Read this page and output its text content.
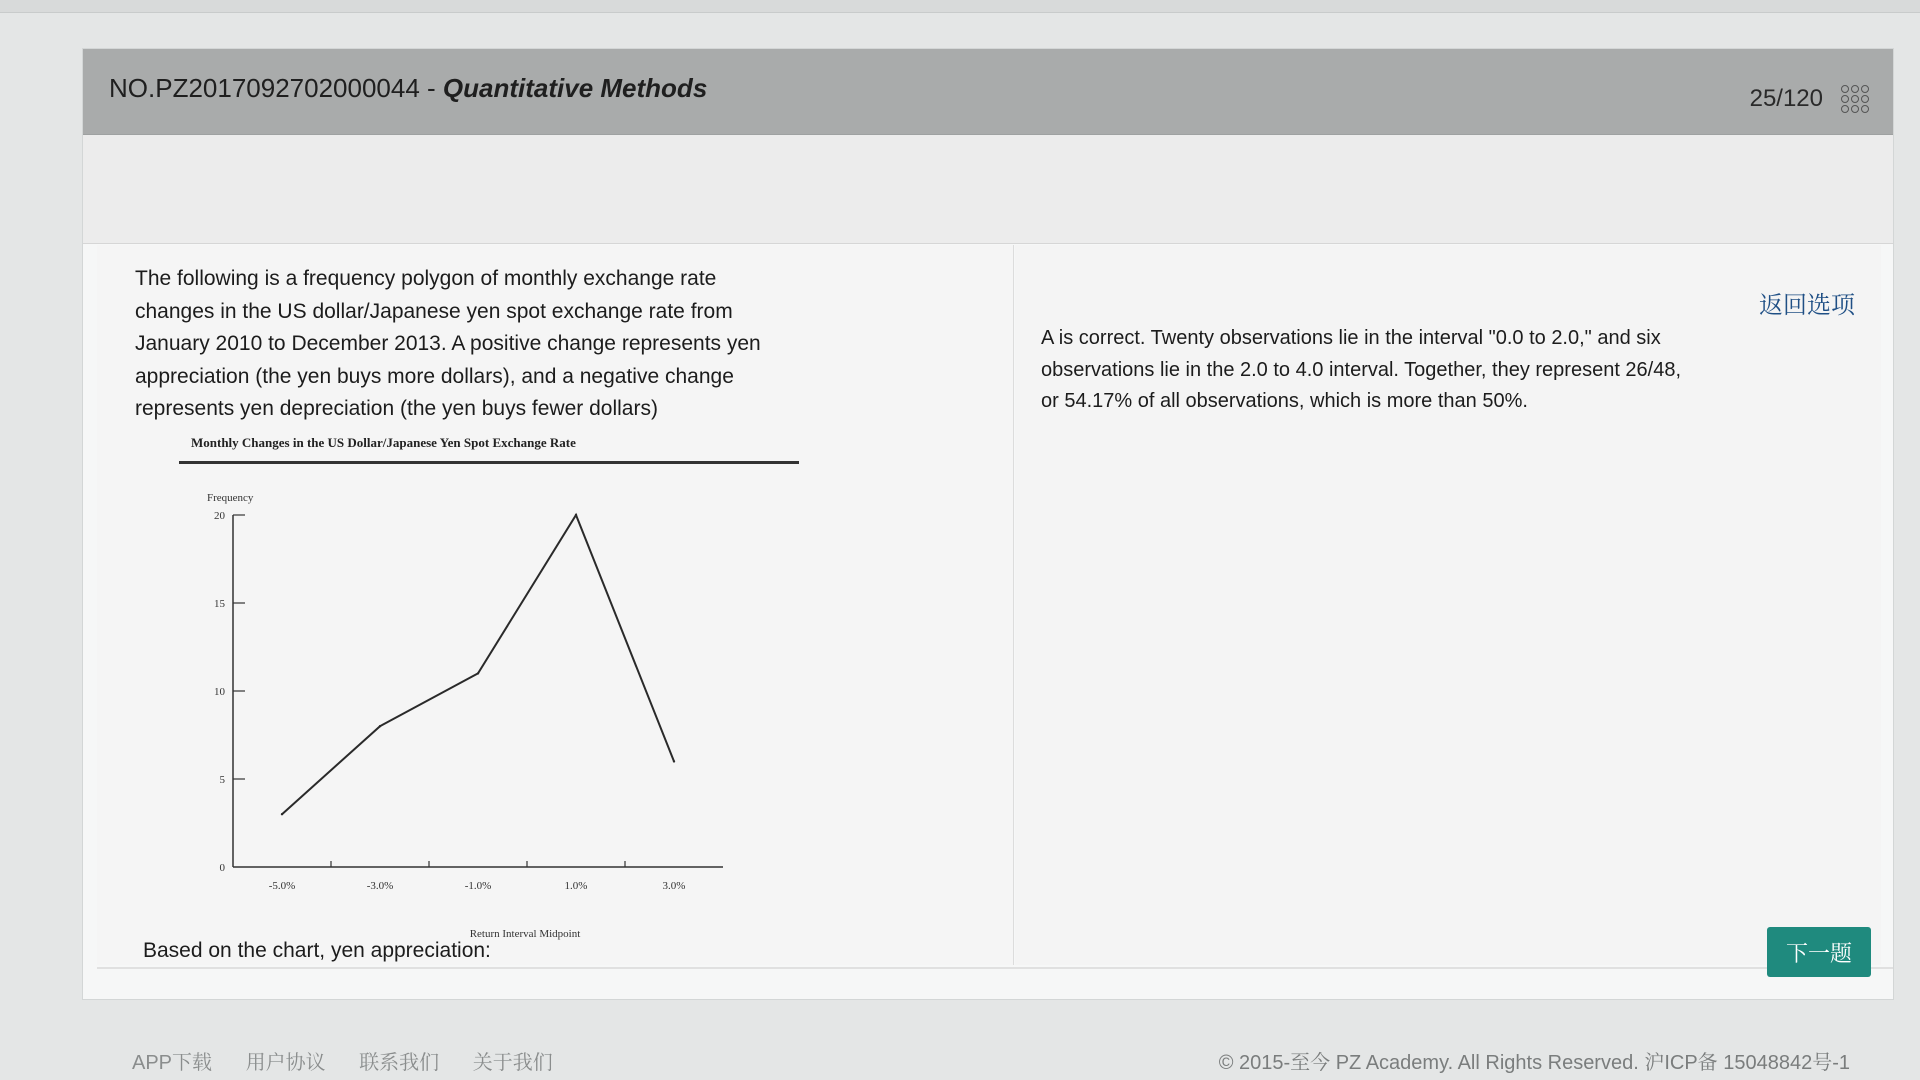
NO.PZ2017092702000044 - Quantitative Methods	25/120
The following is a frequency polygon of monthly exchange rate changes in the US dollar/Japanese yen spot exchange rate from January 2010 to December 2013. A positive change represents yen appreciation (the yen buys more dollars), and a negative change represents yen depreciation (the yen buys fewer dollars)
Monthly Changes in the US Dollar/Japanese Yen Spot Exchange Rate
Frequency
Return Interval Midpoint
0
5
10
15
20
-5.0%	-3.0%	-1.0%	1.0%	3.0%
Based on the chart, yen appreciation:
返回选项
A is correct. Twenty observations lie in the interval "0.0 to 2.0," and six observations lie in the 2.0 to 4.0 interval. Together, they represent 26/48, or 54.17% of all observations, which is more than 50%.
下一题
APP下载 用户协议 联系我们 关于我们	© 2015-至今 PZ Academy. All Rights Reserved. 沪ICP备 15048842号-1
